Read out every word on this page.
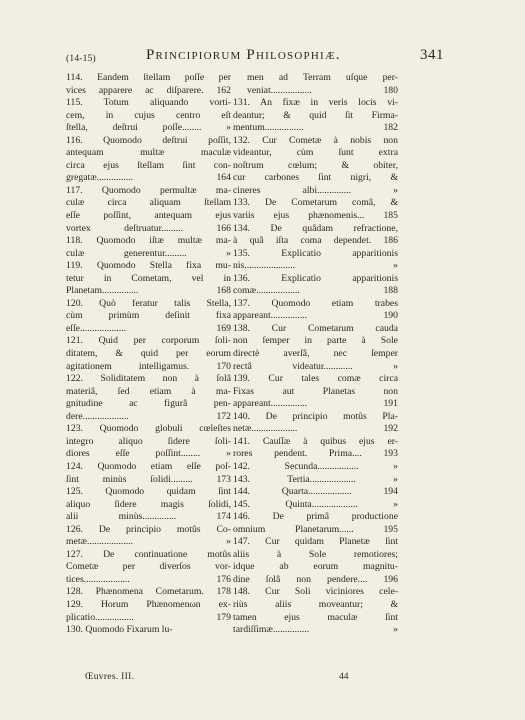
(14-15)	Principiorum Philosophiæ.	341
114. Eandem ſtellam poſſe per
vices apparere ac diſparere. 162
115. Totum aliquando vorti-
cem, in cujus centro eſt
ſtella, deſtrui poſſe........ »
116. Quomodo deſtrui poſſit,
antequam multæ maculæ
circa ejus ſtellam ſint con-
gregatæ............... 164
117. Quomodo permultæ ma-
culæ circa aliquam ſtellam
eſſe poſſint, antequam ejus
vortex deſtruatur......... 166
118. Quomodo iſtæ multæ ma-
culæ generentur......... »
119. Quomodo Stella fixa mu-
tetur in Cometam, vel in
Planetam............... 168
120. Quò feratur talis Stella,
cùm primùm deſinit fixa
eſſe................... 169
121. Quid per corporum ſoli-
ditatem, & quid per eorum
agitationem intelligamus. 170
122. Soliditatem non à ſolâ
materiâ, ſed etiam à ma-
gnitudine ac figurâ pen-
dere................... 172
123. Quomodo globuli cœleſtes
integro aliquo ſidere ſoli-
diores eſſe poſſint........ »
124. Quomodo etiam eſſe poſ-
ſint minùs ſolidi......... 173
125. Quomodo quidam ſint
aliquo ſidere magis ſolidi,
alii minùs.............. 174
126. De principio motûs Co-
metæ................... »
127. De continuatione motûs
Cometæ per diverſos vor-
tices................... 176
128. Phænomena Cometarum. 178
129. Horum Phænomenωn ex-
plicatio................ 179
130. Quomodo Fixarum lu-
men ad Terram uſque per-
veniat................. 180
131. An fixæ in veris locis vi-
deantur; & quid ſit Firma-
mentum................ 182
132. Cur Cometæ à nobis non
videantur, cùm ſunt extra
noſtrum cœlum; & obiter,
cur carbones ſint nigri, &
cineres albi.............. »
133. De Cometarum comâ, &
variis ejus phænomenis... 185
134. De quâdam refractione,
à quâ iſta coma dependet. 186
135. Explicatio apparitionis
nis..................... »
136. Explicatio apparitionis
comæ.................. 188
137. Quomodo etiam trabes
appareant............... 190
138. Cur Cometarum cauda
non ſemper in parte à Sole
directè averſâ, nec ſemper
rectâ videatur............ »
139. Cur tales comæ circa
Fixas aut Planetas non
appareant............... 191
140. De principio motûs Pla-
netæ................... 192
141. Cauſſæ à quibus ejus er-
rores pendent. Prima.... 193
142. Secunda................. »
143. Tertia................... »
144. Quarta.................. 194
145. Quinta................... »
146. De primâ productione
omnium Planetarum...... 195
147. Cur quidam Planetæ ſint
aliis à Sole remotiores;
idque ab eorum magnitu-
dine ſolâ non pendere.... 196
148. Cur Soli viciniores cele-
riùs aliis moveantur; &
tamen ejus maculæ ſint
tardiſſimæ............... »
Œuvres. III.	44
